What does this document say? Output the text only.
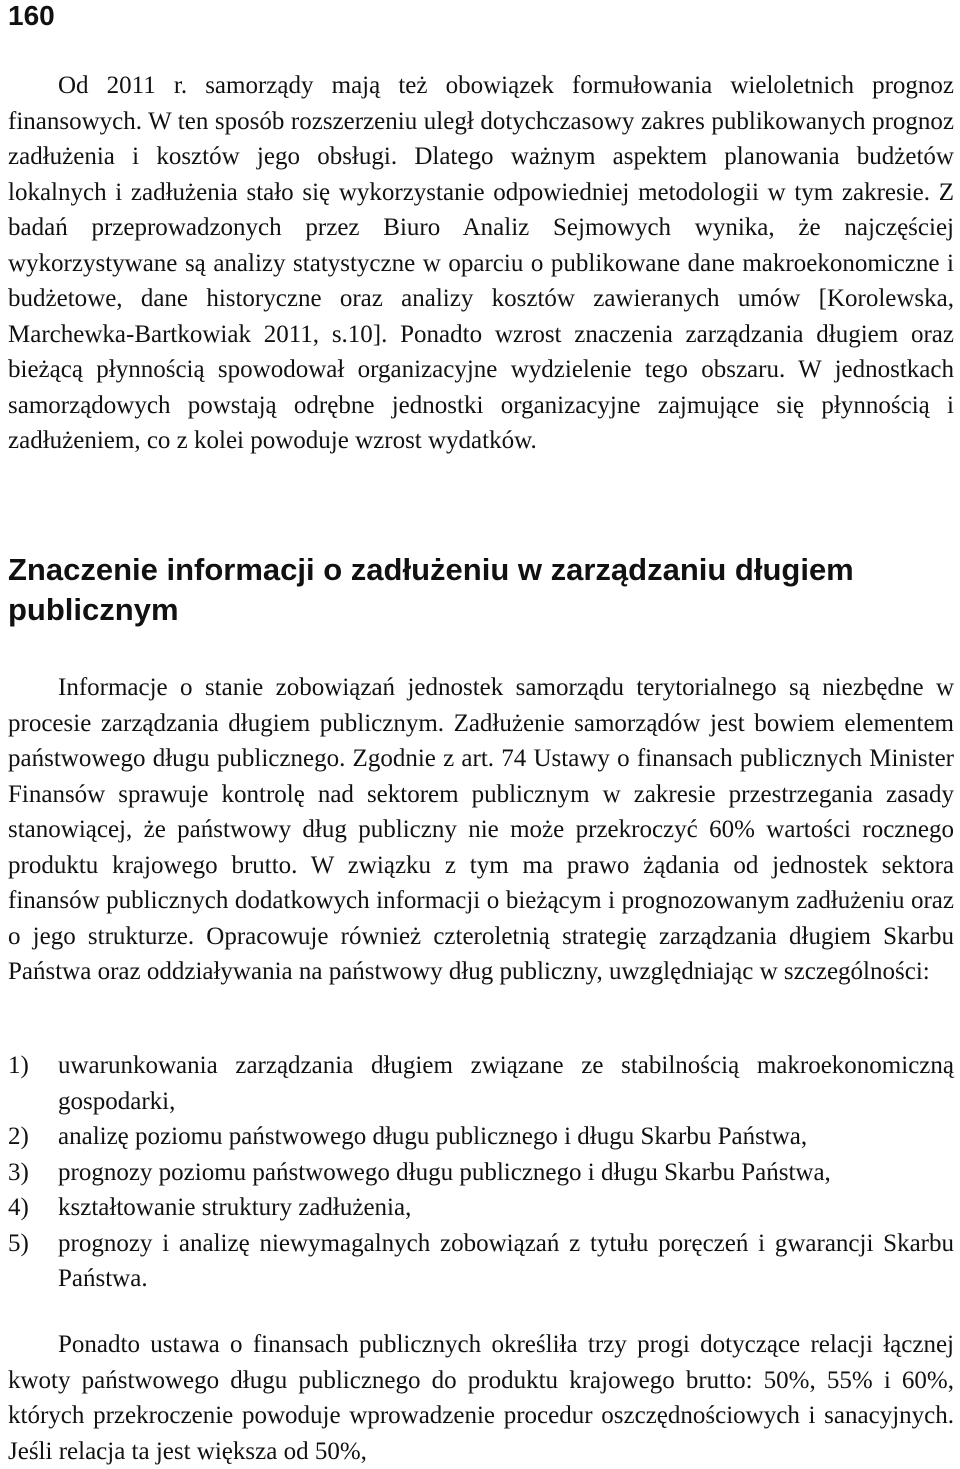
160

Od 2011 r. samorządy mają też obowiązek formułowania wieloletnich prognoz finansowych. W ten sposób rozszerzeniu uległ dotychczasowy zakres publikowanych prognoz zadłużenia i kosztów jego obsługi. Dlatego ważnym aspektem planowania budżetów lokalnych i zadłużenia stało się wykorzystanie odpowiedniej metodologii w tym zakresie. Z badań przeprowadzonych przez Biuro Analiz Sejmowych wynika, że najczęściej wykorzystywane są analizy statystyczne w oparciu o publikowane dane makroekonomiczne i budżetowe, dane historyczne oraz analizy kosztów zawieranych umów [Korolewska, Marchewka-Bartkowiak 2011, s.10]. Ponadto wzrost znaczenia zarządzania długiem oraz bieżącą płynnością spowodował organizacyjne wydzielenie tego obszaru. W jednostkach samorządowych powstają odrębne jednostki organizacyjne zajmujące się płynnością i zadłużeniem, co z kolei powoduje wzrost wydatków.

Znaczenie informacji o zadłużeniu w zarządzaniu długiem publicznym

Informacje o stanie zobowiązań jednostek samorządu terytorialnego są niezbędne w procesie zarządzania długiem publicznym. Zadłużenie samorządów jest bowiem elementem państwowego długu publicznego. Zgodnie z art. 74 Ustawy o finansach publicznych Minister Finansów sprawuje kontrolę nad sektorem publicznym w zakresie przestrzegania zasady stanowiącej, że państwowy dług publiczny nie może przekroczyć 60% wartości rocznego produktu krajowego brutto. W związku z tym ma prawo żądania od jednostek sektora finansów publicznych dodatkowych informacji o bieżącym i prognozowanym zadłużeniu oraz o jego strukturze. Opracowuje również czteroletnią strategię zarządzania długiem Skarbu Państwa oraz oddziaływania na państwowy dług publiczny, uwzględniając w szczególności:

1) uwarunkowania zarządzania długiem związane ze stabilnością makroekonomiczną gospodarki,
2) analizę poziomu państwowego długu publicznego i długu Skarbu Państwa,
3) prognozy poziomu państwowego długu publicznego i długu Skarbu Państwa,
4) kształtowanie struktury zadłużenia,
5) prognozy i analizę niewymagalnych zobowiązań z tytułu poręczeń i gwarancji Skarbu Państwa.

Ponadto ustawa o finansach publicznych określiła trzy progi dotyczące relacji łącznej kwoty państwowego długu publicznego do produktu krajowego brutto: 50%, 55% i 60%, których przekroczenie powoduje wprowadzenie procedur oszczędnościowych i sanacyjnych. Jeśli relacja ta jest większa od 50%,
